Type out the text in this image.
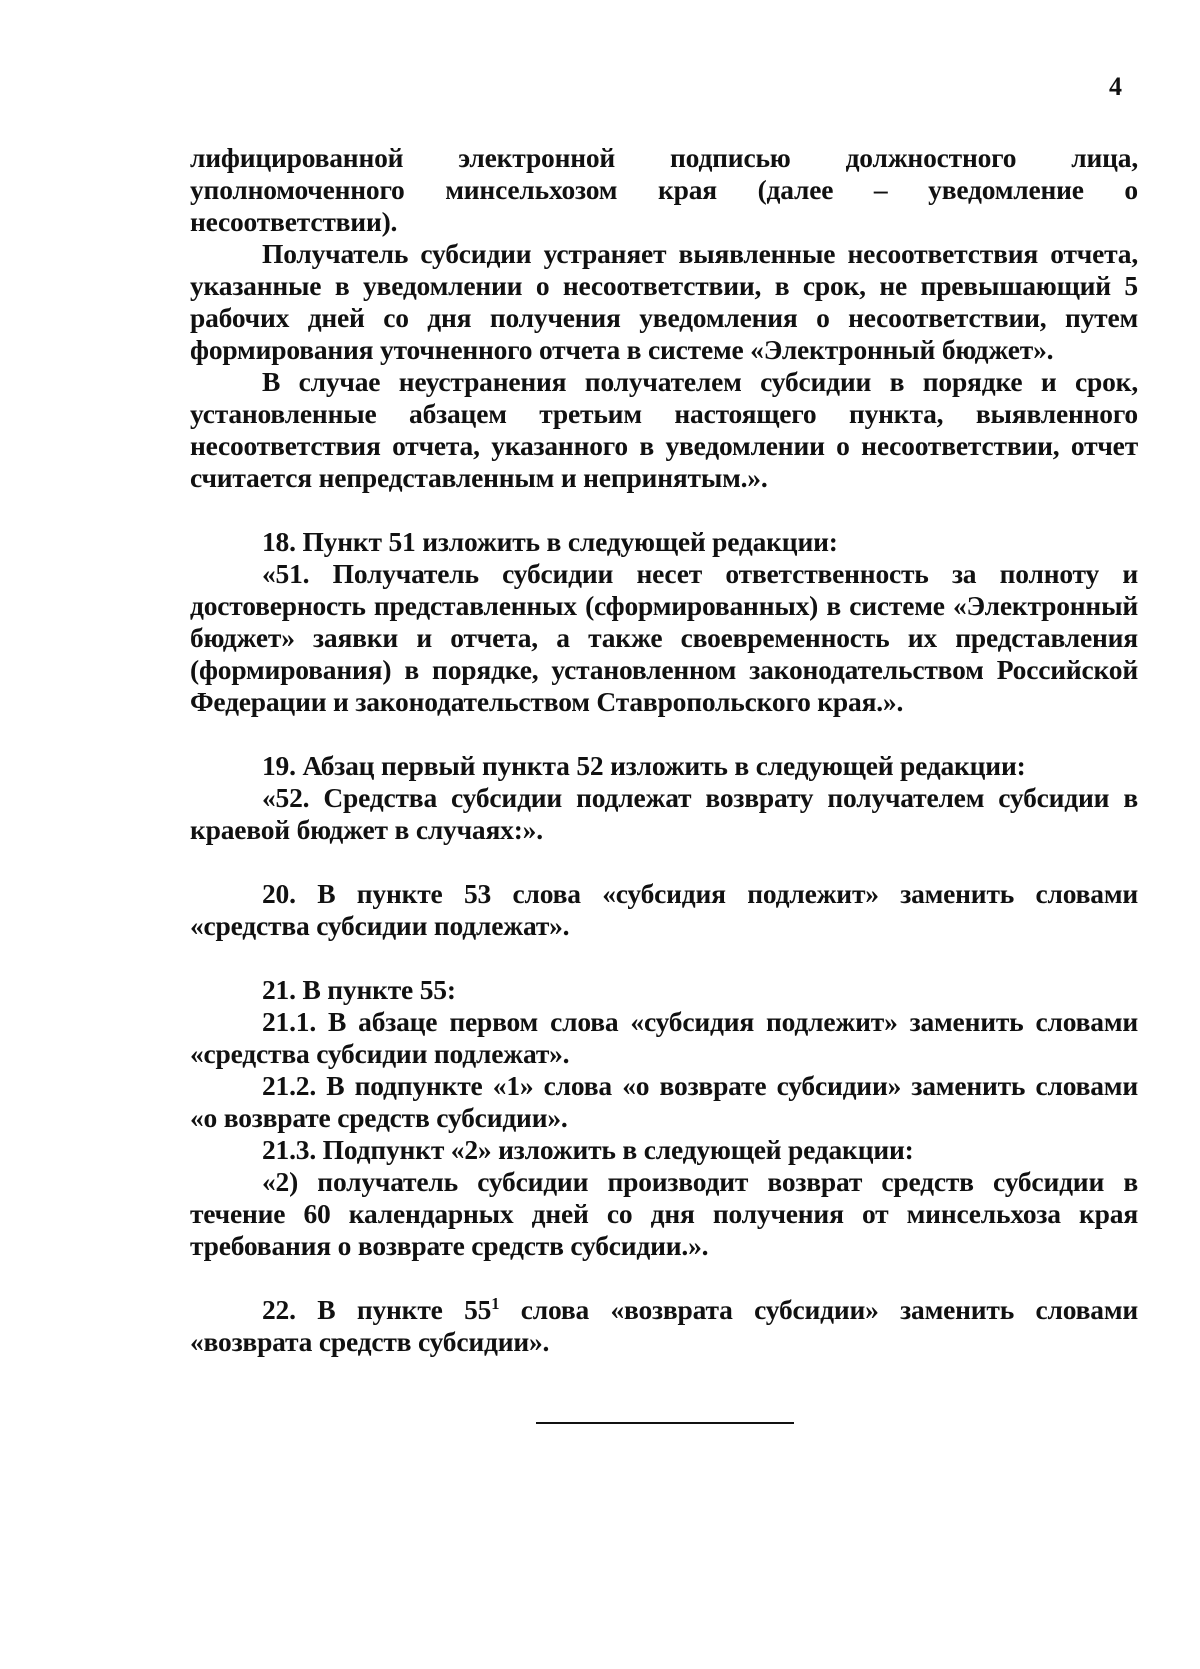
4

лифицированной электронной подписью должностного лица, уполномоченного минсельхозом края (далее – уведомление о несоответствии).

Получатель субсидии устраняет выявленные несоответствия отчета, указанные в уведомлении о несоответствии, в срок, не превышающий 5 рабочих дней со дня получения уведомления о несоответствии, путем формирования уточненного отчета в системе «Электронный бюджет».

В случае неустранения получателем субсидии в порядке и срок, установленные абзацем третьим настоящего пункта, выявленного несоответствия отчета, указанного в уведомлении о несоответствии, отчет считается непредставленным и непринятым.».

18. Пункт 51 изложить в следующей редакции:

«51. Получатель субсидии несет ответственность за полноту и достоверность представленных (сформированных) в системе «Электронный бюджет» заявки и отчета, а также своевременность их представления (формирования) в порядке, установленном законодательством Российской Федерации и законодательством Ставропольского края.».

19. Абзац первый пункта 52 изложить в следующей редакции:

«52. Средства субсидии подлежат возврату получателем субсидии в краевой бюджет в случаях:».

20. В пункте 53 слова «субсидия подлежит» заменить словами «средства субсидии подлежат».

21. В пункте 55:

21.1. В абзаце первом слова «субсидия подлежит» заменить словами «средства субсидии подлежат».

21.2. В подпункте «1» слова «о возврате субсидии» заменить словами «о возврате средств субсидии».

21.3. Подпункт «2» изложить в следующей редакции:

«2) получатель субсидии производит возврат средств субсидии в течение 60 календарных дней со дня получения от минсельхоза края требования о возврате средств субсидии.».

22. В пункте $55^1$ слова «возврата субсидии» заменить словами «возврата средств субсидии».
